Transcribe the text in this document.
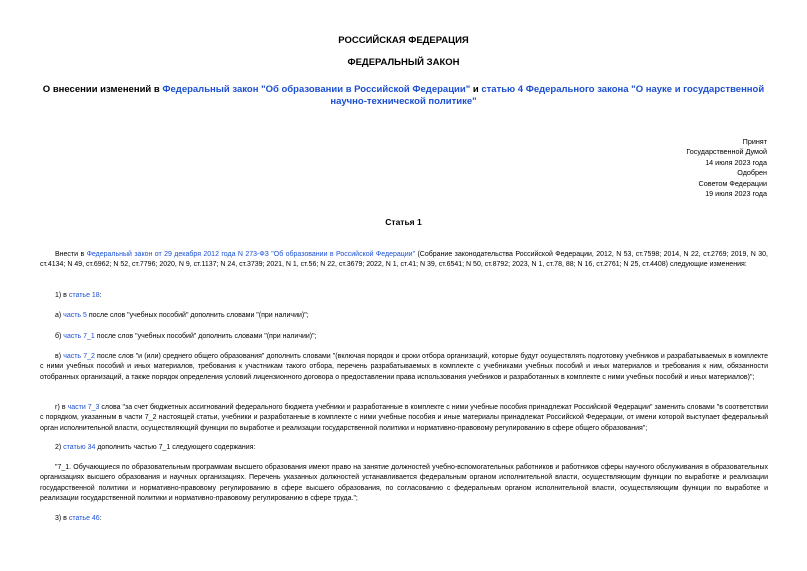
РОССИЙСКАЯ ФЕДЕРАЦИЯ
ФЕДЕРАЛЬНЫЙ ЗАКОН
О внесении изменений в Федеральный закон "Об образовании в Российской Федерации" и статью 4 Федерального закона "О науке и государственной научно-технической политике"
Принят
Государственной Думой
14 июля 2023 года
Одобрен
Советом Федерации
19 июля 2023 года
Статья 1

Внести в Федеральный закон от 29 декабря 2012 года N 273-ФЗ "Об образовании в Российской Федерации" (Собрание законодательства Российской Федерации, 2012, N 53, ст.7598; 2014, N 22, ст.2769; 2019, N 30, ст.4134; N 49, ст.6962; N 52, ст.7796; 2020, N 9, ст.1137; N 24, ст.3739; 2021, N 1, ст.56; N 22, ст.3679; 2022, N 1, ст.41; N 39, ст.6541; N 50, ст.8792; 2023, N 1, ст.78, 88; N 16, ст.2761; N 25, ст.4408) следующие изменения:

1) в статье 18:

а) часть 5 после слов "учебных пособий" дополнить словами "(при наличии)";

б) часть 7_1 после слов "учебных пособий" дополнить словами "(при наличии)";

в) часть 7_2 после слов "и (или) среднего общего образования" дополнить словами "(включая порядок и сроки отбора организаций, которые будут осуществлять подготовку учебников и разрабатываемых в комплекте с ними учебных пособий и иных материалов, требования к участникам такого отбора, перечень разрабатываемых в комплекте с учебниками учебных пособий и иных материалов и требования к ним, обязанности отобранных организаций, а также порядок определения условий лицензионного договора о предоставлении права использования учебников и разработанных в комплекте с ними учебных пособий и иных материалов)";

г) в части 7_3 слова "за счет бюджетных ассигнований федерального бюджета учебники и разработанные в комплекте с ними учебные пособия принадлежат Российской Федерации" заменить словами "в соответствии с порядком, указанным в части 7_2 настоящей статьи, учебники и разработанные в комплекте с ними учебные пособия и иные материалы принадлежат Российской Федерации, от имени которой выступает федеральный орган исполнительной власти, осуществляющий функции по выработке и реализации государственной политики и нормативно-правовому регулированию в сфере общего образования";

2) статью 34 дополнить частью 7_1 следующего содержания:

"7_1. Обучающиеся по образовательным программам высшего образования имеют право на занятие должностей учебно-вспомогательных работников и работников сферы научного обслуживания в образовательных организациях высшего образования и научных организациях. Перечень указанных должностей устанавливается федеральным органом исполнительной власти, осуществляющим функции по выработке и реализации государственной политики и нормативно-правовому регулированию в сфере высшего образования, по согласованию с федеральным органом исполнительной власти, осуществляющим функции по выработке и реализации государственной политики и нормативно-правовому регулированию в сфере труда.";

3) в статье 46:
